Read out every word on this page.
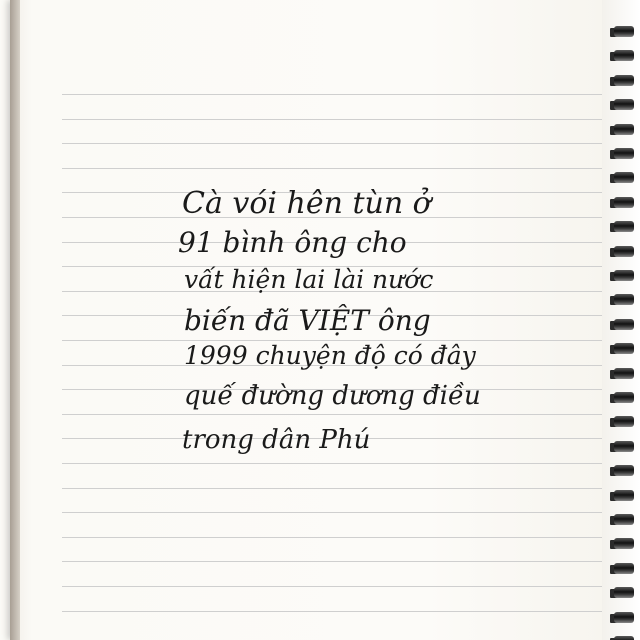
Cà vói hên tùn ở
91 bình ông cho
vất hiện lai lài nước
biến đã VIỆT ông
1999 chuyện độ có đây
quế đường dương điều
trong dân Phú
